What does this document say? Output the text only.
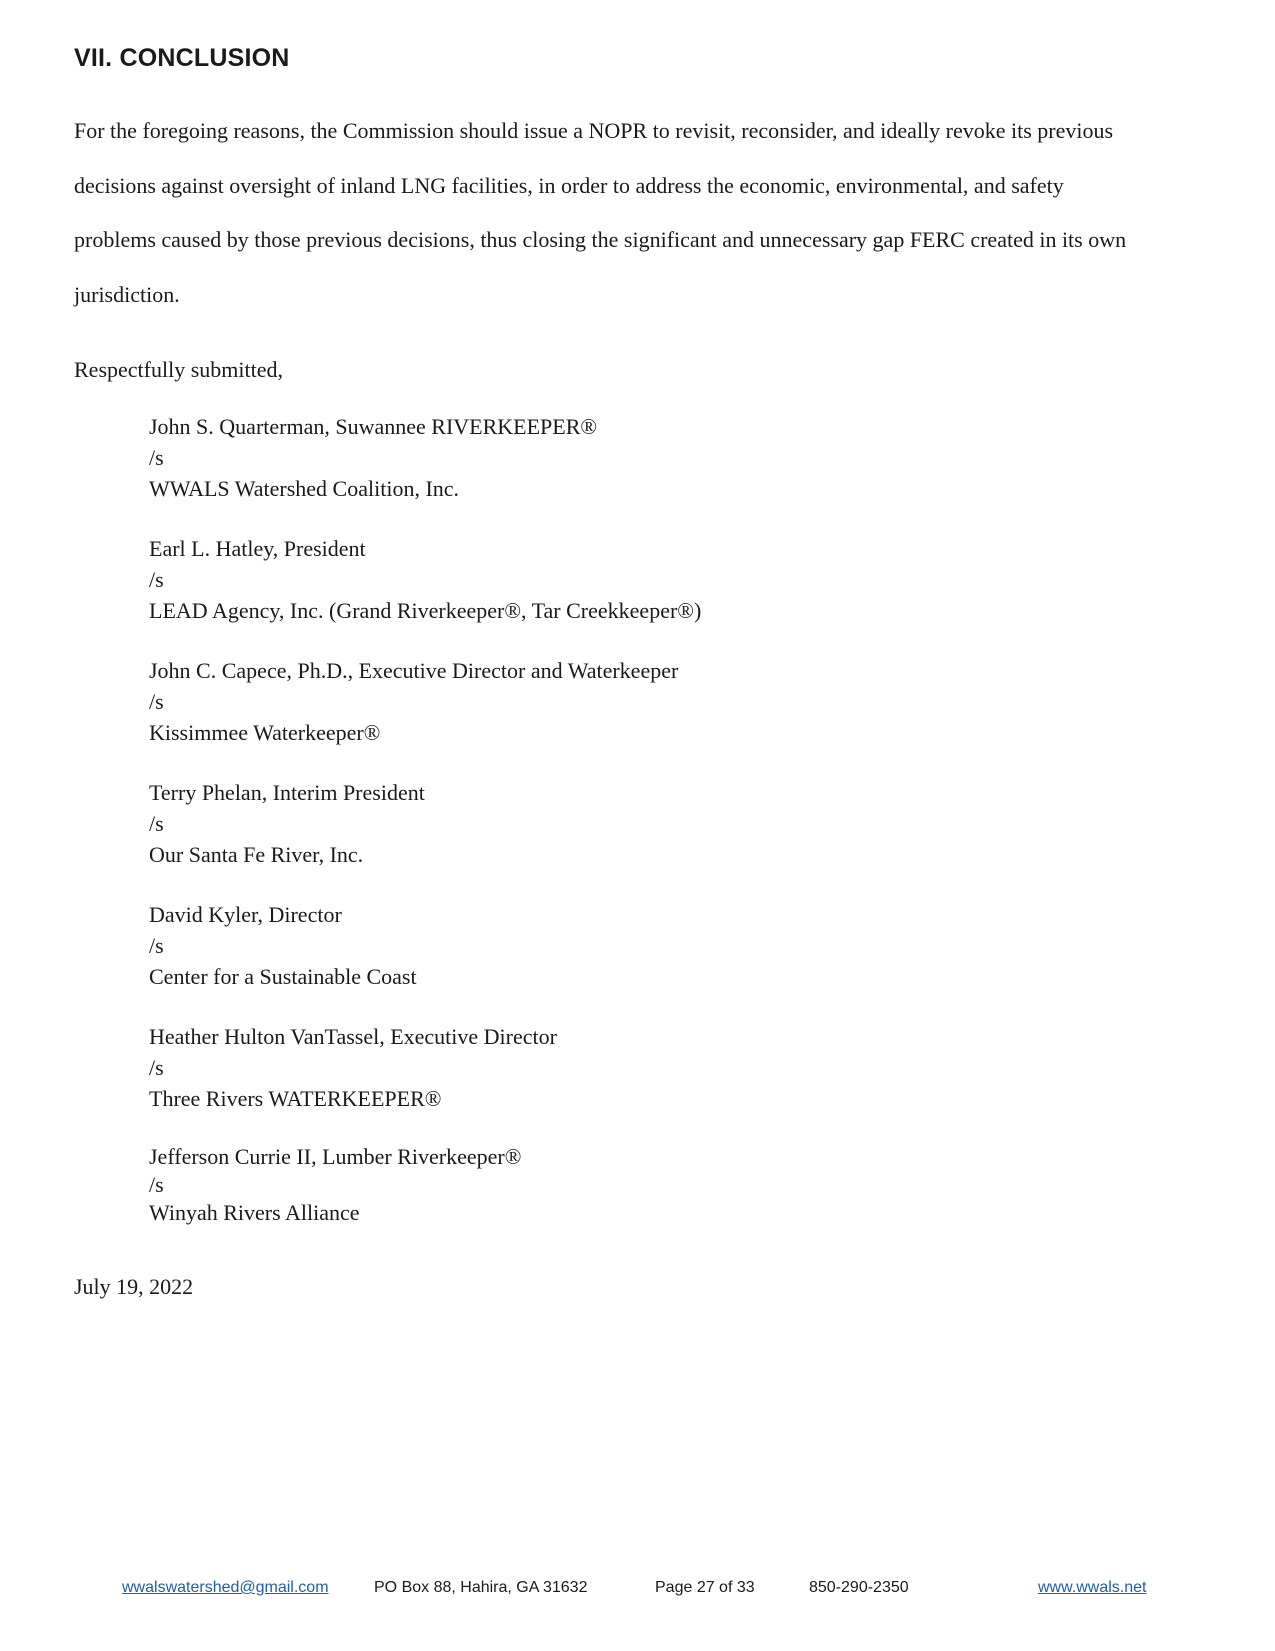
VII. CONCLUSION

For the foregoing reasons, the Commission should issue a NOPR to revisit, reconsider, and ideally revoke its previous
decisions against oversight of inland LNG facilities, in order to address the economic, environmental, and safety
problems caused by those previous decisions, thus closing the significant and unnecessary gap FERC created in its own
jurisdiction.

Respectfully submitted,

John S. Quarterman, Suwannee RIVERKEEPER®
/s
WWALS Watershed Coalition, Inc.
Earl L. Hatley, President
/s
LEAD Agency, Inc. (Grand Riverkeeper®, Tar Creekkeeper®)
John C. Capece, Ph.D., Executive Director and Waterkeeper
/s
Kissimmee Waterkeeper®
Terry Phelan, Interim President
/s
Our Santa Fe River, Inc.
David Kyler, Director
/s
Center for a Sustainable Coast
Heather Hulton VanTassel, Executive Director
/s
Three Rivers WATERKEEPER®
Jefferson Currie II, Lumber Riverkeeper®
/s
Winyah Rivers Alliance
July 19, 2022
wwalswatershed@gmail.com	PO Box 88, Hahira, GA 31632	Page 27 of 33	850-290-2350	www.wwals.net
